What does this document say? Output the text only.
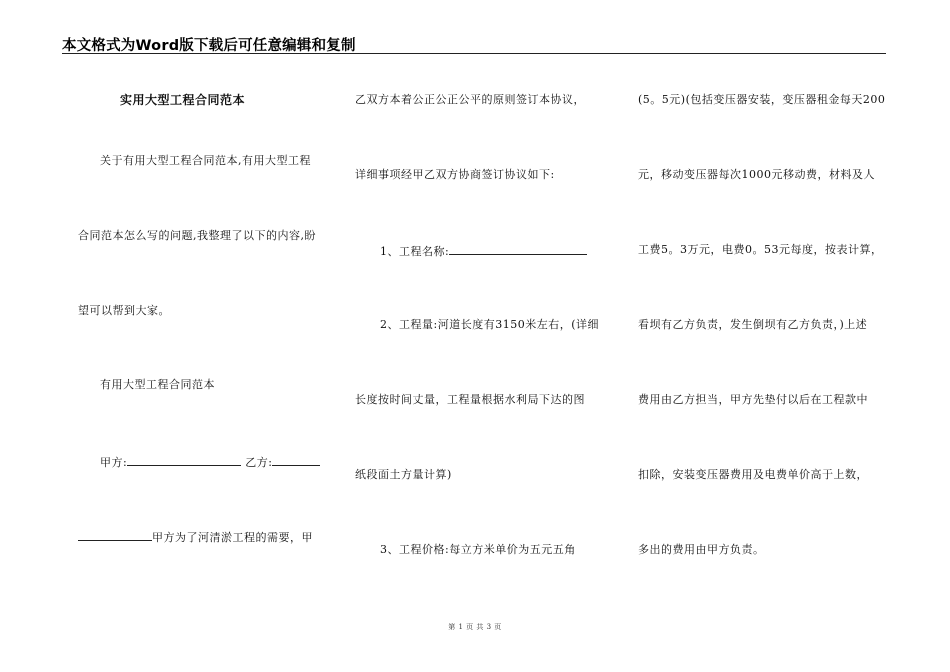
本文格式为Word版下载后可任意编辑和复制
实用大型工程合同范本
关于有用大型工程合同范本,有用大型工程
合同范本怎么写的问题,我整理了以下的内容,盼
望可以帮到大家。
有用大型工程合同范本
甲方:	乙方:
甲方为了河清淤工程的需要，甲
乙双方本着公正公正公平的原则签订本协议，
详细事项经甲乙双方协商签订协议如下:
1、工程名称:
2、工程量:河道长度有3150米左右，(详细
长度按时间丈量，工程量根据水利局下达的图
纸段面土方量计算)
3、工程价格:每立方米单价为五元五角
(5。5元)(包括变压器安装，变压器租金每天200
元，移动变压器每次1000元移动费，材料及人
工费5。3万元，电费0。53元每度，按表计算，
看坝有乙方负责，发生倒坝有乙方负责，)上述
费用由乙方担当，甲方先垫付以后在工程款中
扣除，安装变压器费用及电费单价高于上数，
多出的费用由甲方负责。
第 1 页 共 3 页
